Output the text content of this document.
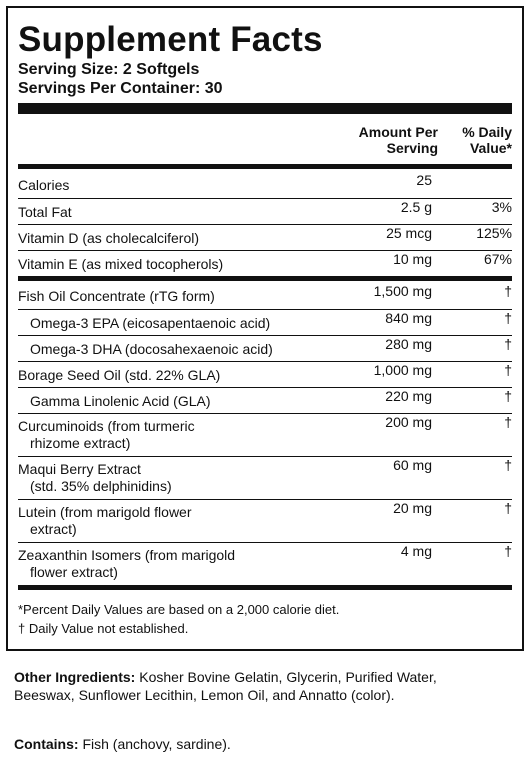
Supplement Facts
Serving Size: 2 Softgels
Servings Per Container: 30
Amount Per
Serving
% Daily
Value*
Calories	25
Total Fat	2.5 g	3%
Vitamin D (as cholecalciferol)	25 mcg	125%
Vitamin E (as mixed tocopherols)	10 mg	67%
Fish Oil Concentrate (rTG form)	1,500 mg	†
Omega-3 EPA (eicosapentaenoic acid)	840 mg	†
Omega-3 DHA (docosahexaenoic acid)	280 mg	†
Borage Seed Oil (std. 22% GLA)	1,000 mg	†
Gamma Linolenic Acid (GLA)	220 mg	†
Curcuminoids (from turmeric
rhizome extract)
200 mg	†
Maqui Berry Extract
(std. 35% delphinidins)
60 mg	†
Lutein (from marigold flower
extract)
20 mg	†
Zeaxanthin Isomers (from marigold
flower extract)
4 mg	†
*Percent Daily Values are based on a 2,000 calorie diet.
† Daily Value not established.
Other Ingredients: Kosher Bovine Gelatin, Glycerin, Purified Water, Beeswax, Sunflower Lecithin, Lemon Oil, and Annatto (color).
Contains: Fish (anchovy, sardine).
